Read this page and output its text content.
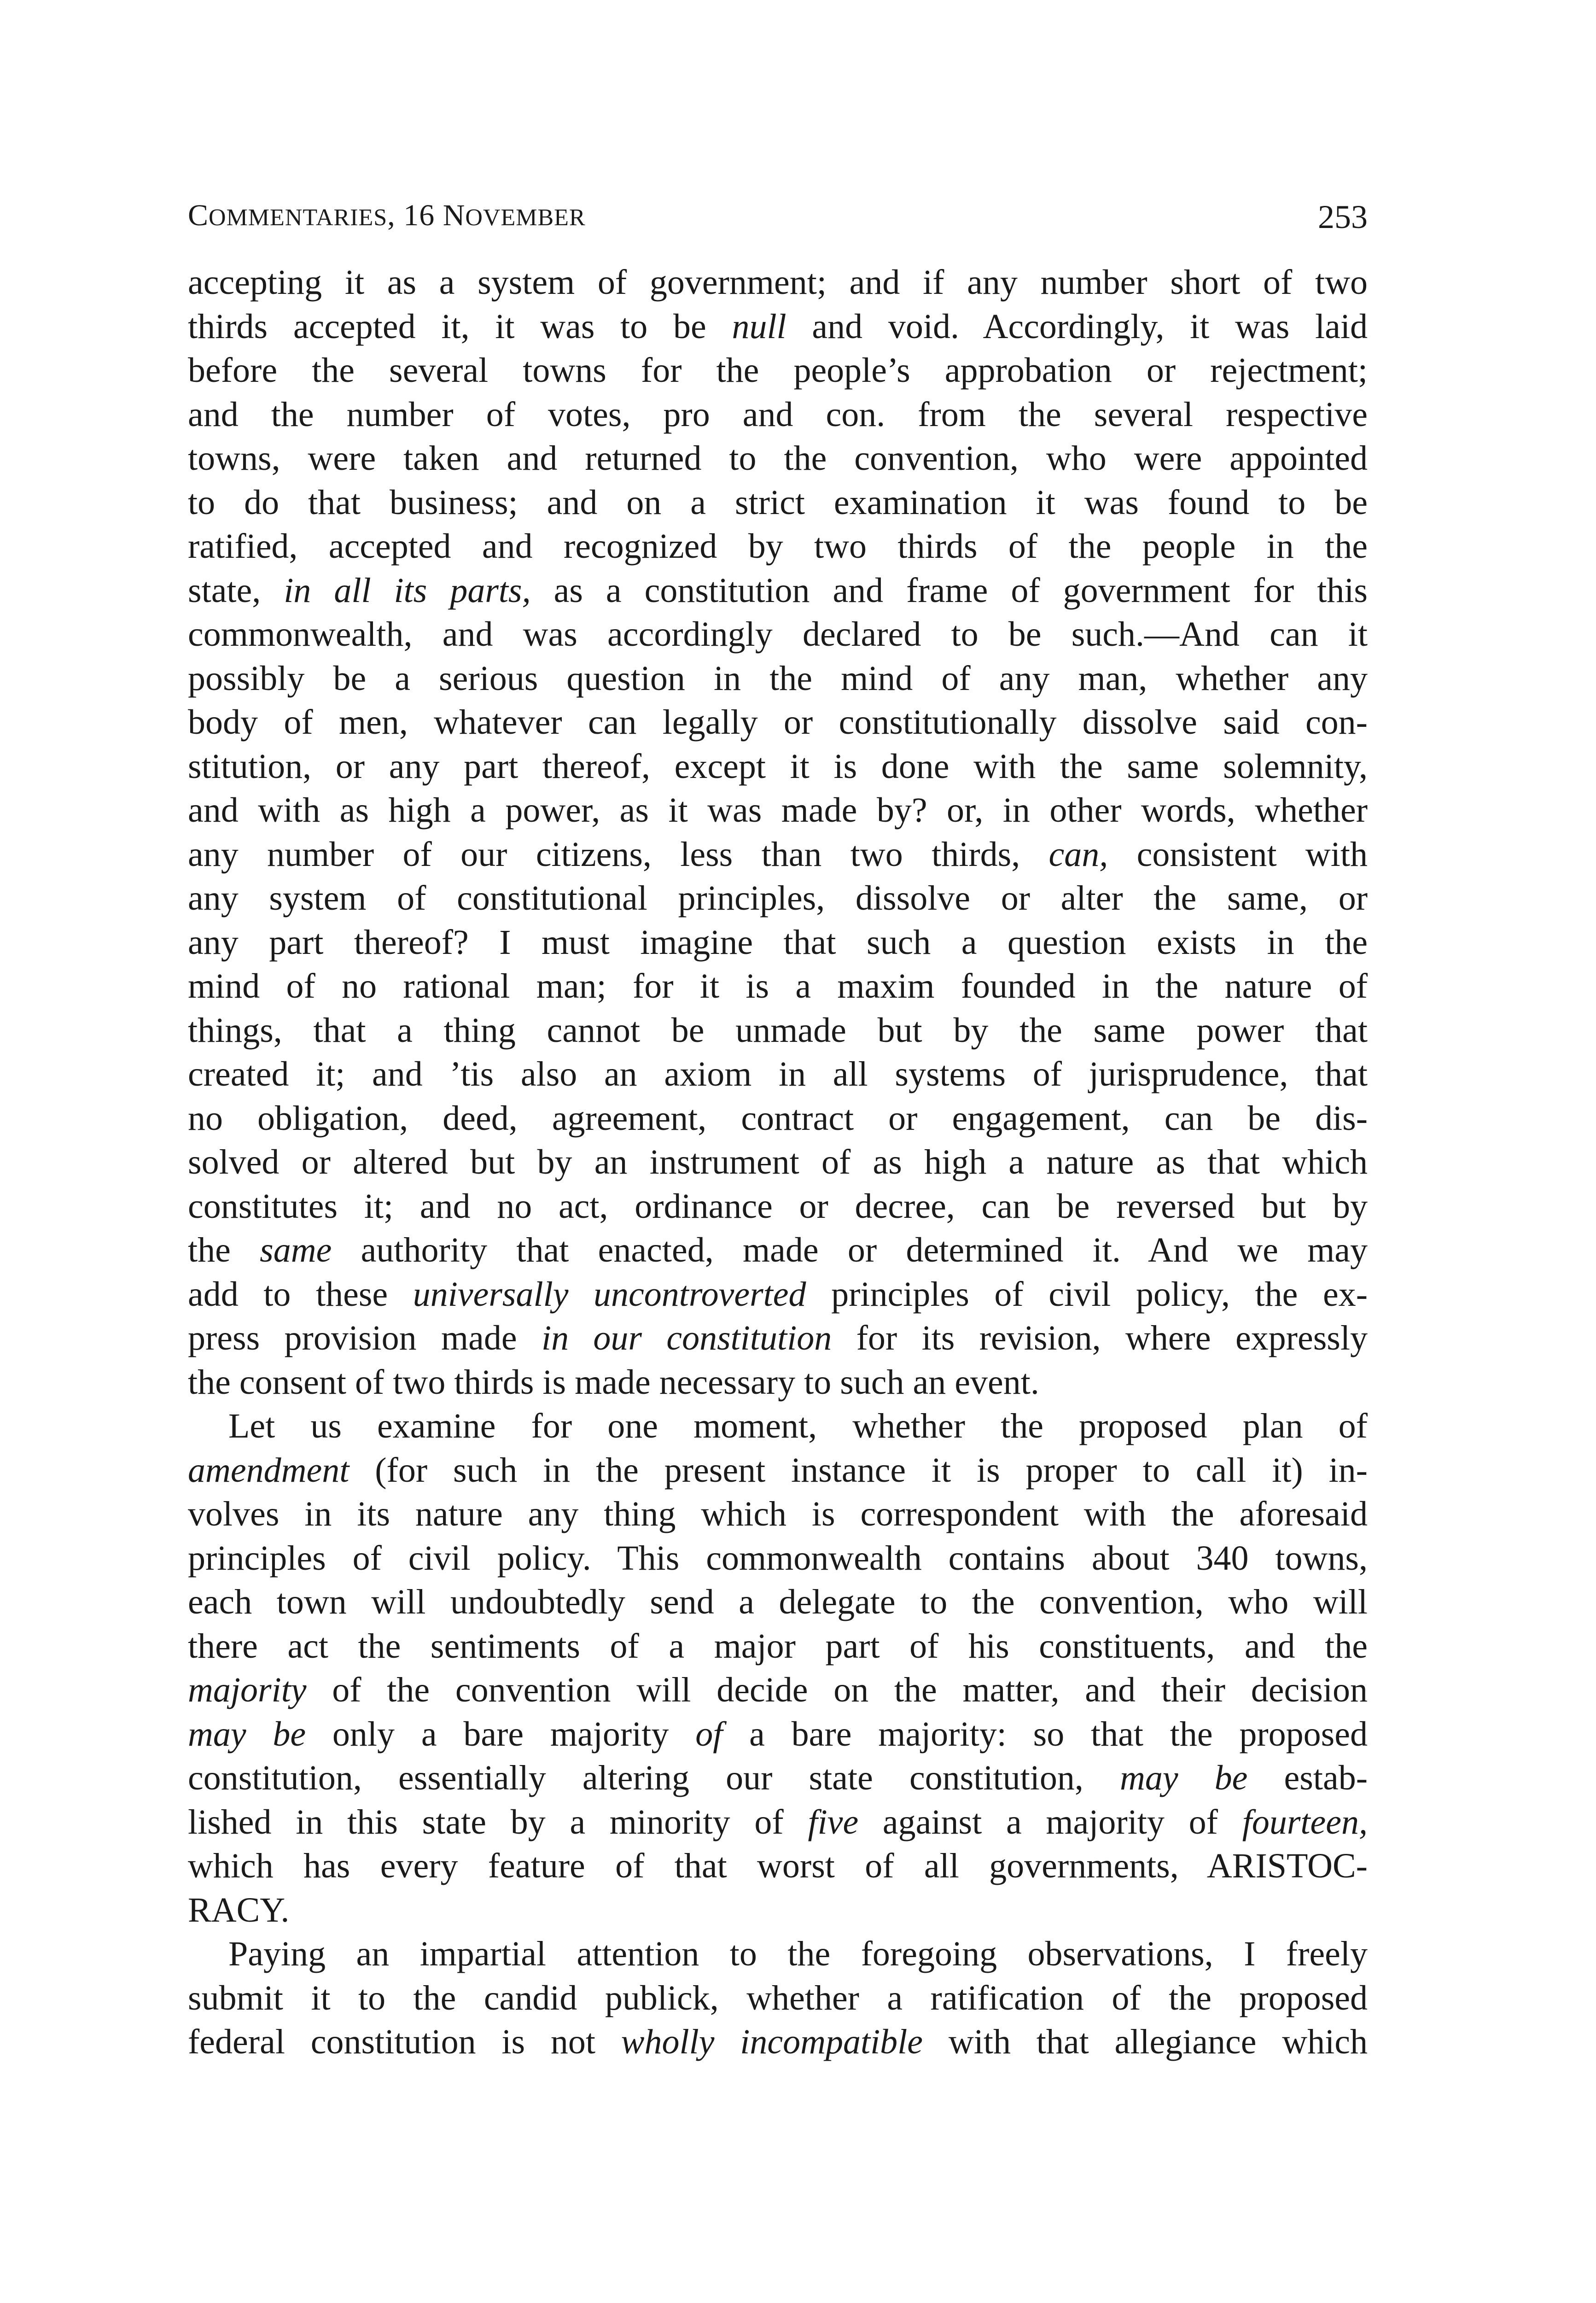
COMMENTARIES, 16 NOVEMBER	253
accepting it as a system of government; and if any number short of two
thirds accepted it, it was to be null and void. Accordingly, it was laid
before the several towns for the people’s approbation or rejectment;
and the number of votes, pro and con. from the several respective
towns, were taken and returned to the convention, who were appointed
to do that business; and on a strict examination it was found to be
ratified, accepted and recognized by two thirds of the people in the
state, in all its parts, as a constitution and frame of government for this
commonwealth, and was accordingly declared to be such.—And can it
possibly be a serious question in the mind of any man, whether any
body of men, whatever can legally or constitutionally dissolve said con-
stitution, or any part thereof, except it is done with the same solemnity,
and with as high a power, as it was made by? or, in other words, whether
any number of our citizens, less than two thirds, can, consistent with
any system of constitutional principles, dissolve or alter the same, or
any part thereof? I must imagine that such a question exists in the
mind of no rational man; for it is a maxim founded in the nature of
things, that a thing cannot be unmade but by the same power that
created it; and ’tis also an axiom in all systems of jurisprudence, that
no obligation, deed, agreement, contract or engagement, can be dis-
solved or altered but by an instrument of as high a nature as that which
constitutes it; and no act, ordinance or decree, can be reversed but by
the same authority that enacted, made or determined it. And we may
add to these universally uncontroverted principles of civil policy, the ex-
press provision made in our constitution for its revision, where expressly
the consent of two thirds is made necessary to such an event.
Let us examine for one moment, whether the proposed plan of
amendment (for such in the present instance it is proper to call it) in-
volves in its nature any thing which is correspondent with the aforesaid
principles of civil policy. This commonwealth contains about 340 towns,
each town will undoubtedly send a delegate to the convention, who will
there act the sentiments of a major part of his constituents, and the
majority of the convention will decide on the matter, and their decision
may be only a bare majority of a bare majority: so that the proposed
constitution, essentially altering our state constitution, may be estab-
lished in this state by a minority of five against a majority of fourteen,
which has every feature of that worst of all governments, ARISTOC-
RACY.
Paying an impartial attention to the foregoing observations, I freely
submit it to the candid publick, whether a ratification of the proposed
federal constitution is not wholly incompatible with that allegiance which
